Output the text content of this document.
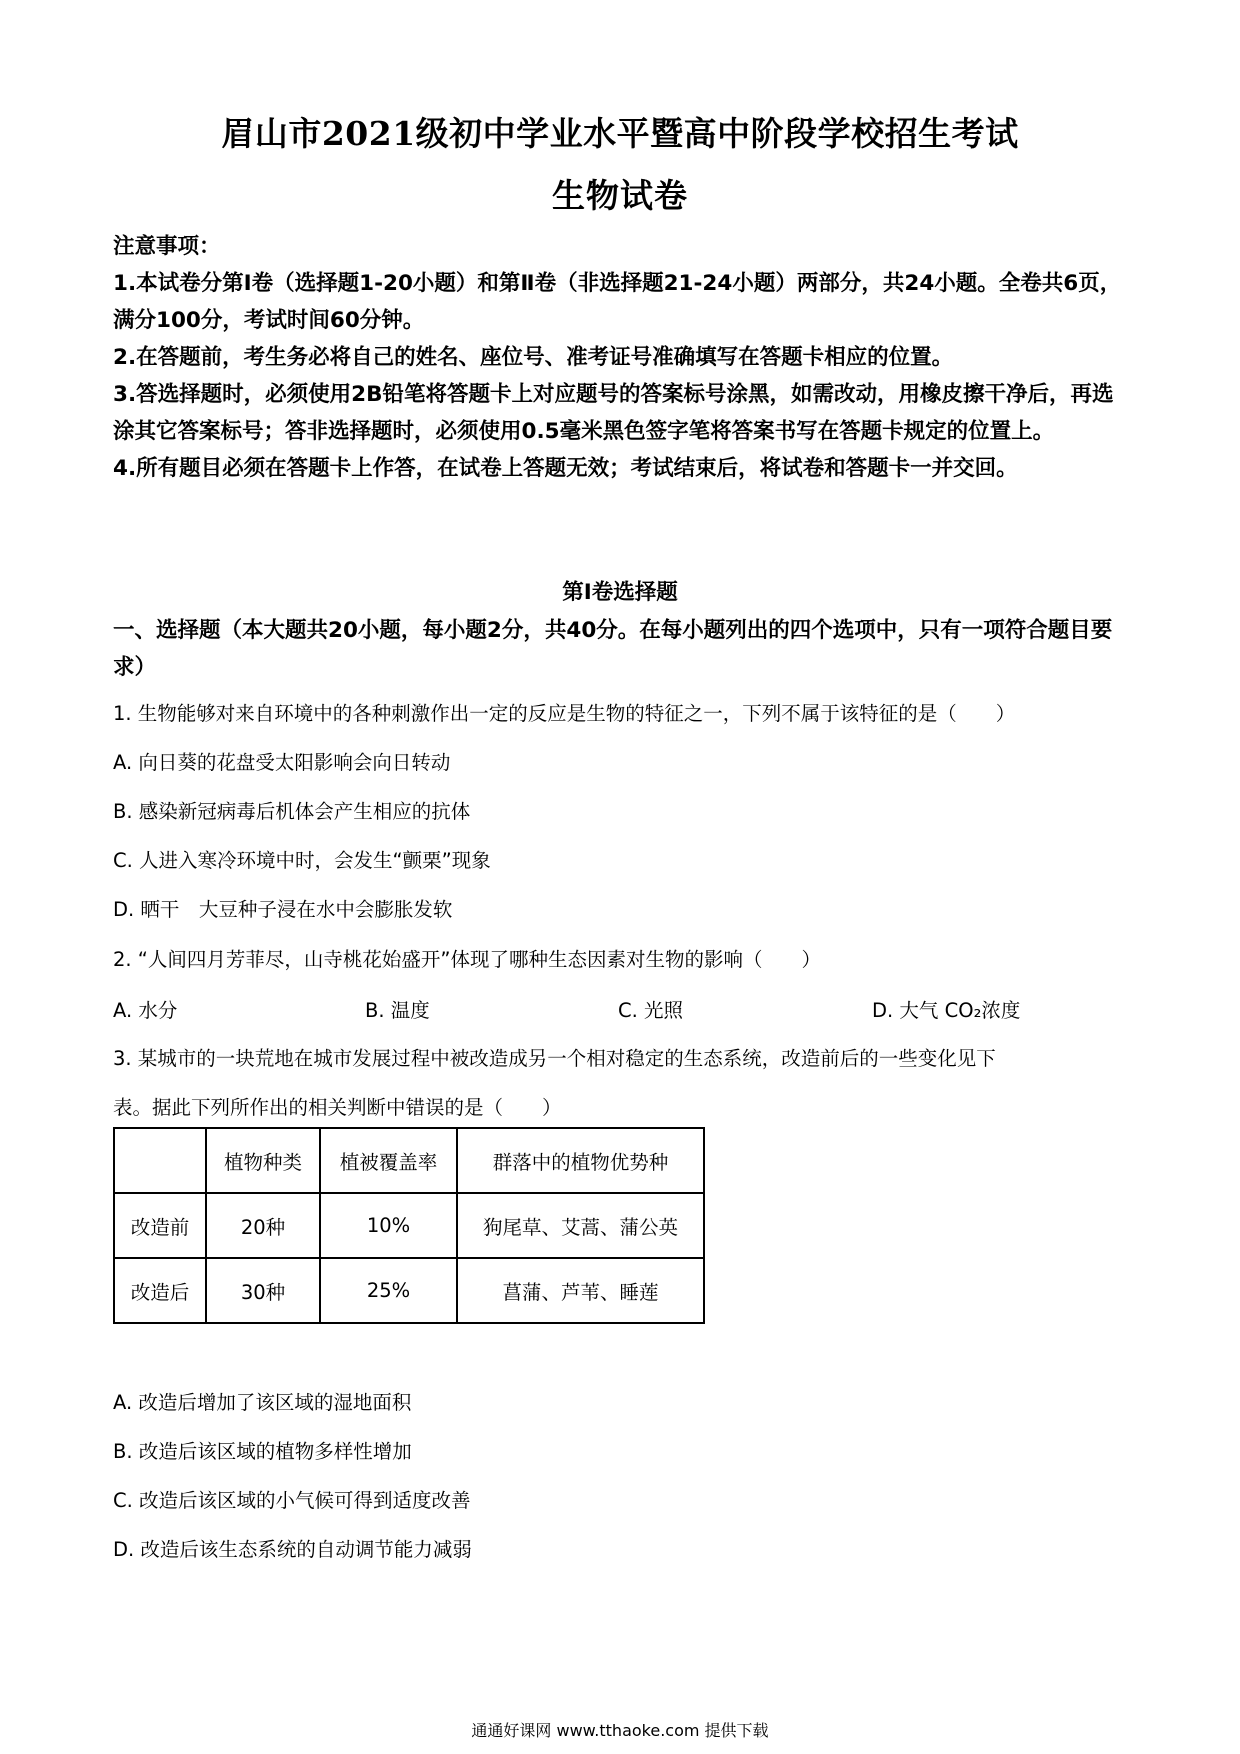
眉山市2021级初中学业水平暨高中阶段学校招生考试
生物试卷

注意事项：

1.本试卷分第Ⅰ卷（选择题1-20小题）和第Ⅱ卷（非选择题21-24小题）两部分，共24小题。全卷共6页，满分100分，考试时间60分钟。

2.在答题前，考生务必将自己的姓名、座位号、准考证号准确填写在答题卡相应的位置。

3.答选择题时，必须使用2B铅笔将答题卡上对应题号的答案标号涂黑，如需改动，用橡皮擦干净后，再选涂其它答案标号；答非选择题时，必须使用0.5毫米黑色签字笔将答案书写在答题卡规定的位置上。

4.所有题目必须在答题卡上作答，在试卷上答题无效；考试结束后，将试卷和答题卡一并交回。

第Ⅰ卷选择题
一、选择题（本大题共20小题，每小题2分，共40分。在每小题列出的四个选项中，只有一项符合题目要求）
1. 生物能够对来自环境中的各种刺激作出一定的反应是生物的特征之一，下列不属于该特征的是（　　）
A. 向日葵的花盘受太阳影响会向日转动
B. 感染新冠病毒后机体会产生相应的抗体
C. 人进入寒冷环境中时，会发生“颤栗”现象
D. 晒干　大豆种子浸在水中会膨胀发软
2. “人间四月芳菲尽，山寺桃花始盛开”体现了哪种生态因素对生物的影响（　　）
A. 水分	B. 温度	C. 光照	D. 大气 CO₂浓度
3. 某城市的一块荒地在城市发展过程中被改造成另一个相对稳定的生态系统，改造前后的一些变化见下
表。据此下列所作出的相关判断中错误的是（　　）
	植物种类	植被覆盖率	群落中的植物优势种
改造前	20种	10%	狗尾草、艾蒿、蒲公英
改造后	30种	25%	菖蒲、芦苇、睡莲
A. 改造后增加了该区域的湿地面积
B. 改造后该区域的植物多样性增加
C. 改造后该区域的小气候可得到适度改善
D. 改造后该生态系统的自动调节能力减弱
通通好课网 www.tthaoke.com 提供下载
